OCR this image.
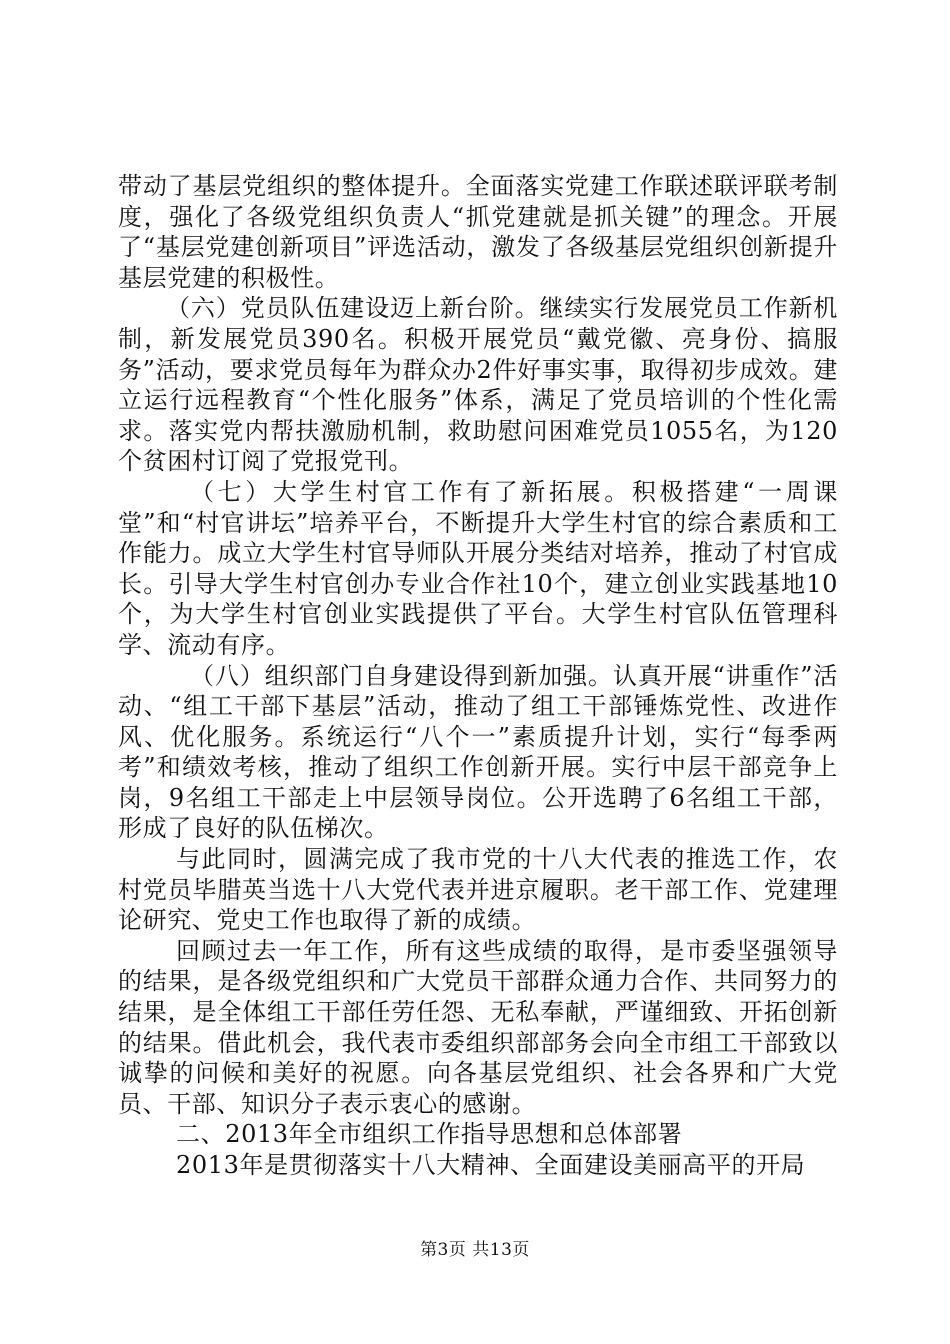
带动了基层党组织的整体提升。全面落实党建工作联述联评联考制度，强化了各级党组织负责人“抓党建就是抓关键”的理念。开展了“基层党建创新项目”评选活动，激发了各级基层党组织创新提升基层党建的积极性。

（六）党员队伍建设迈上新台阶。继续实行发展党员工作新机制，新发展党员390名。积极开展党员“戴党徽、亮身份、搞服务”活动，要求党员每年为群众办2件好事实事，取得初步成效。建立运行远程教育“个性化服务”体系，满足了党员培训的个性化需求。落实党内帮扶激励机制，救助慰问困难党员1055名，为120个贫困村订阅了党报党刊。

（七）大学生村官工作有了新拓展。积极搭建“一周课堂”和“村官讲坛”培养平台，不断提升大学生村官的综合素质和工作能力。成立大学生村官导师队开展分类结对培养，推动了村官成长。引导大学生村官创办专业合作社10个，建立创业实践基地10个，为大学生村官创业实践提供了平台。大学生村官队伍管理科学、流动有序。

（八）组织部门自身建设得到新加强。认真开展“讲重作”活动、“组工干部下基层”活动，推动了组工干部锤炼党性、改进作风、优化服务。系统运行“八个一”素质提升计划，实行“每季两考”和绩效考核，推动了组织工作创新开展。实行中层干部竞争上岗，9名组工干部走上中层领导岗位。公开选聘了6名组工干部，形成了良好的队伍梯次。

与此同时，圆满完成了我市党的十八大代表的推选工作，农村党员毕腊英当选十八大党代表并进京履职。老干部工作、党建理论研究、党史工作也取得了新的成绩。

回顾过去一年工作，所有这些成绩的取得，是市委坚强领导的结果，是各级党组织和广大党员干部群众通力合作、共同努力的结果，是全体组工干部任劳任怨、无私奉献，严谨细致、开拓创新的结果。借此机会，我代表市委组织部部务会向全市组工干部致以诚挚的问候和美好的祝愿。向各基层党组织、社会各界和广大党员、干部、知识分子表示衷心的感谢。

二、2013年全市组织工作指导思想和总体部署

2013年是贯彻落实十八大精神、全面建设美丽高平的开局

第3页 共13页
